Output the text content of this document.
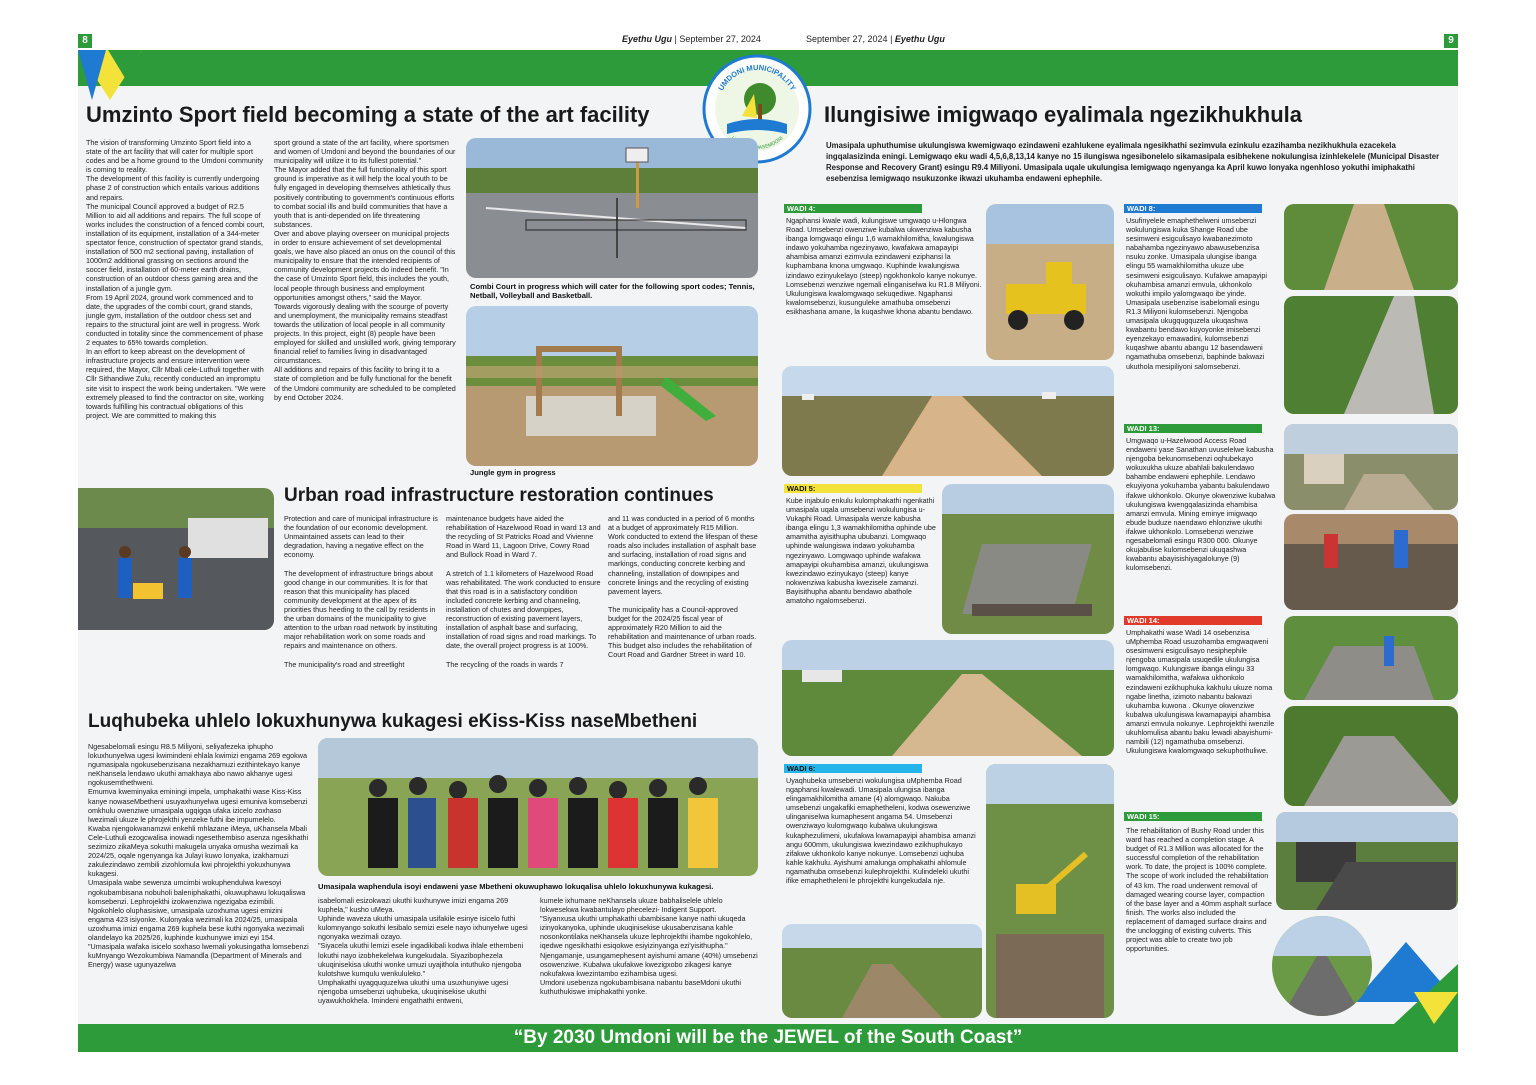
8	9
Eyethu Ugu | September 27, 2024	September 27, 2024 | Eyethu Ugu
UMDONI MUNICIPALITY
ASEMDONI
Umzinto Sport field becoming a state of the art facility

The vision of transforming Umzinto Sport field into a state of the art facility that will cater for multiple sport codes and be a home ground to the Umdoni community is coming to reality.

The development of this facility is currently undergoing phase 2 of construction which entails various additions and repairs.

The municipal Council approved a budget of R2.5 Million to aid all additions and repairs. The full scope of works includes the construction of a fenced combi court, installation of its equipment, installation of a 344-meter spectator fence, construction of spectator grand stands, installation of 500 m2 sectional paving, installation of 1000m2 additional grassing on sections around the soccer field, installation of 60-meter earth drains, construction of an outdoor chess gaming area and the installation of a jungle gym.

From 19 April 2024, ground work commenced and to date, the upgrades of the combi court, grand stands, jungle gym, installation of the outdoor chess set and repairs to the structural joint are well in progress. Work conducted in totality since the commencement of phase 2 equates to 65% towards completion.

In an effort to keep abreast on the development of infrastructure projects and ensure intervention were required, the Mayor, Cllr Mbali cele-Luthuli together with Cllr Sithandiwe Zulu, recently conducted an impromptu site visit to inspect the work being undertaken. "We were extremely pleased to find the contractor on site, working towards fulfilling his contractual obligations of this project. We are committed to making this

sport ground a state of the art facility, where sportsmen and women of Umdoni and beyond the boundaries of our municipality will utilize it to its fullest potential."

The Mayor added that the full functionality of this sport ground is imperative as it will help the local youth to be fully engaged in developing themselves athletically thus positively contributing to government's continuous efforts to combat social ills and build communities that have a youth that is anti-depended on life threatening substances.

Over and above playing overseer on municipal projects in order to ensure achievement of set developmental goals, we have also placed an onus on the council of this municipality to ensure that the intended recipients of community development projects do indeed benefit. "In the case of Umzinto Sport field, this includes the youth, local people through business and employment opportunities amongst others," said the Mayor.

Towards vigorously dealing with the scourge of poverty and unemployment, the municipality remains steadfast towards the utilization of local people in all community projects. In this project, eight (8) people have been employed for skilled and unskilled work, giving temporary financial relief to families living in disadvantaged circumstances.

All additions and repairs of this facility to bring it to a state of completion and be fully functional for the benefit of the Umdoni community are scheduled to be completed by end October 2024.

Combi Court in progress which will cater for the following sport codes; Tennis, Netball, Volleyball and Basketball.
Jungle gym in progress
Urban road infrastructure restoration continues

Protection and care of municipal infrastructure is the foundation of our economic development. Unmaintained assets can lead to their degradation, having a negative effect on the economy.

The development of infrastructure brings about good change in our communities. It is for that reason that this municipality has placed community development at the apex of its priorities thus heeding to the call by residents in the urban domains of the municipality to give attention to the urban road network by instituting major rehabilitation work on some roads and repairs and maintenance on others.

The municipality's road and streetlight

maintenance budgets have aided the rehabilitation of Hazelwood Road in ward 13 and the recycling of St Patricks Road and Vivienne Road in Ward 11, Lagoon Drive, Cowry Road and Bullock Road in Ward 7.

A stretch of 1.1 kilometers of Hazelwood Road was rehabilitated. The work conducted to ensure that this road is in a satisfactory condition included concrete kerbing and channeling, installation of chutes and downpipes, reconstruction of existing pavement layers, installation of asphalt base and surfacing, installation of road signs and road markings. To date, the overall project progress is at 100%.

The recycling of the roads in wards 7

and 11 was conducted in a period of 6 months at a budget of approximately R15 Million.

Work conducted to extend the lifespan of these roads also includes installation of asphalt base and surfacing, installation of road signs and markings, conducting concrete kerbing and channeling, installation of downpipes and concrete linings and the recycling of existing pavement layers.

The municipality has a Council-approved budget for the 2024/25 fiscal year of approximately R20 Million to aid the rehabilitation and maintenance of urban roads. This budget also includes the rehabilitation of Court Road and Gardner Street in ward 10.

Luqhubeka uhlelo lokuxhunywa kukagesi eKiss-Kiss naseMbetheni

Ngesabelomali esingu R8.5 Miliyoni, seliyafezeka iphupho lokuxhunyelwa ugesi kwimindeni ehlala kwimizi engama 269 egokwa ngumasipala ngokusebenzisana nezakhamuzi ezithintekayo kanye neKhansela lendawo ukuthi amakhaya abo nawo akhanye ugesi ngokusemthethweni.

Emumva kweminyaka eminingi impela, umphakathi wase Kiss-Kiss kanye nowaseMbetheni usuyaxhunyelwa ugesi emuniva komsebenzi omkhulu owenziwe umasipala ugqigqa ufaka izicelo zoxhaso lwezimali ukuze le phrojekthi yenzeke futhi ibe impumelelo.

Kwaba njengokwanamzwi enkehli mhlazane iMeya, uKhansela Mbali Cele-Luthuli ezogcwalisa inowadi ngesethembiso asenza ngesikhathi sezimizo zikaMeya sokuthi makugela unyaka omusha wezimali ka 2024/25, oqale ngenyanga ka Julayi kuwo lonyaka, izakhamuzi zakulezindawo zembili zizohlomula kwi phrojekthi yokuxhunywa kukagesi.

Umasipala wabe sewenza umcimbi wokuphendulwa kwesoyi ngokubambisana nobuholi baleniphakathi, okuwuphawu lokuqaliswa komsebenzi. Lephrojekthi izokwenziwa ngezigaba ezimbili. Ngokohlelo oluphasisiwe, umasipala uzoxhuma ugesi emizini engama 423 isiyonke. Kulonyaka wezimali ka 2024/25, umasipala uzoxhuma imizi engama 269 kuphela bese kuthi ngonyaka wezimali olandelayo ka 2025/26, kuphinde kuxhunywe imizi eyi 154.

"Umasipala wafaka isicelo soxhaso lwemali yokusingatha lomsebenzi kuMnyango Wezokumbiwa Namandla (Department of Minerals and Energy) wase ugunyazelwa

Umasipala waphendula isoyi endaweni yase Mbetheni okuwuphawo lokuqalisa uhlelo lokuxhunywa kukagesi.

isabelomali esizokwazi ukuthi kuxhunywe imizi engama 269 kuphela," kusho uMeya.

Uphinde waveza ukuthi umasipala usifakile esinye isicelo futhi kulomnyango sokuthi lesibalo semizi esele nayo ixhunyelwe ugesi ngonyaka wezimali ozayo.

"Siyacela ukuthi lemizi esele ingadikibali kodwa ihlale ethembeni lokuthi nayo izobhekelelwa kungekudala. Siyazibophezela ukuqinisekisa ukuthi wonke umuzi uyajithola intuthuko njengoba kulotshwe kumqulu wenkululeko."

Umphakathi uyagququzelwa ukuthi uma usuxhunyiwe ugesi njengoba umsebenzi uqhubeka, ukuqinisekise ukuthi uyawukhokhela. Imindeni engathathi entweni,

kumele ixhumane neKhansela ukuze babhaliselele uhlelo lokwesekwa kwabantulayo phecelezi- Indigent Support.

"Siyanxusa ukuthi umphakathi ubambisane kanye nathi ukuqeda izinyokanyoka, uphinde ukuqinisekise ukusabenzisana kahle nosonkontilaka neKhansela ukuze lephrojekthi ihambe ngokohlelo, iqedwe ngesikhathi esiqokwe esiyizinyanga ezi'yisithupha."

Njengamanje, usungamephesent ayishumi amane (40%) umsebenzi osowenziwe. Kubalwa ukufakwe kwezigxobo zikagesi kanye nokufakwa kwezintambo ezihambisa ugesi.

Umdoni usebenza ngokubambisana nabantu baseMdoni ukuthi kuthuthukiswe imiphakathi yonke.

Ilungisiwe imigwaqo eyalimala ngezikhukhula
Umasipala uphuthumise ukulungiswa kwemigwaqo ezindaweni ezahlukene eyalimala ngesikhathi sezimvula ezinkulu ezazihamba nezikhukhula ezacekela ingqalasizinda eningi. Lemigwaqo eku wadi 4,5,6,8,13,14 kanye no 15 ilungiswa ngesibonelelo sikamasipala esibhekene nokulungisa izinhlekelele (Municipal Disaster Response and Recovery Grant) esingu R9.4 Miliyoni. Umasipala uqale ukulungisa lemigwaqo ngenyanga ka April kuwo lonyaka ngenhloso yokuthi imiphakathi esebenzisa lemigwaqo nsukuzonke ikwazi ukuhamba endaweni ephephile.
WADI 4:
Ngaphansi kwale wadi, kulungiswe umgwaqo u-Hlongwa Road. Umsebenzi owenziwe kubalwa ukwenziwa kabusha ibanga lomgwaqo elingu 1,6 wamakhilomitha, kwalungiswa indawo yokuhamba ngezinyawo, kwafakwa amapayipi ahambisa amanzi ezimvula ezindaweni eziphansi la kuphambana knona umgwaqo. Kuphinde kwalungiswa izindawo ezinyukelayo (steep) ngokhonkolo kanye nokunye. Lomsebenzi wenziwe ngemali elinganiselwa ku R1.8 Miliyoni. Ukulungiswa kwalomgwaqo sekuqediwe. Ngaphansi kwalomsebenzi, kusungulekе amathuba omsebenzi esikhashana amane, la kuqashwe khona abantu bendawo.
WADI 5:
Kube injabulo enkulu kulomphakathi ngenkathi umasipala uqala umsebenzi wokulungisa u-Vukaphi Road. Umasipala wenze kabusha ibanga elingu 1,3 wamakhilomitha ophinde ube amamitha ayisithupha ububanzi. Lomgwaqo uphinde walungiswa indawo yokuhamba ngezinyawo. Lomgwaqo uphinde wafakwa amapayipi okuhambisa amanzi, ukulungiswa kwezindawo ezinyukayo (steep) kanye nokwenziwa kabusha kwezisele zamanzi. Bayisithupha abantu bendawo abathole amatoho ngalomsebenzi.
WADI 6:
Uyaqhubeka umsebenzi wokulungisa uMphemba Road ngaphansi kwalewadi. Umasipala ulungisa ibanga elingamakhilomitha amane (4) alomgwaqo. Nakuba umsebenzi ungakafiki emaphetheleni, kodwa osewenziwe ulinganiselwa kumaphesent angama 54. Umsebenzi owenziwayo kulomgwaqo kubalwa ukulungiswa kukaphezulimeni, ukufakwa kwamapayipi ahambisa amanzi angu 600mm, ukulungiswa kwezindawo ezikhuphukayo zifakwe ukhonkolo kanye nokunye. Lomsebenzi uqhuba kahle kakhulu. Ayishumi amalunga omphakathi ahlomule ngamathuba omsebenzi kulephrojekthi. Kulindeleki ukuthi ifike emaphetheleni le phrojekthi kungekudala nje.
WADI 8:
Usufinyelele emaphethelweni umsebenzi wokulungiswa kuka Shange Road ube sesimweni esigculisayo kwabanezimoto nabahamba ngezinyawo abawusebenzisa nsuku zonke. Umasipala ulungise ibanga elingu 55 wamakhilomitha ukuze ube sesimweni esigculisayo. Kufakwe amapayipi okuhambisa amanzi emvula, ukhonkolo wokuthi impilo yalomgwaqo ibe yinde. Umasipala usebenzise isabelomali esingu R1.3 Miliyoni kulomsebenzi. Njengoba umasipala ukugqugquzela ukuqashwa kwabantu bendawo kuyoyonke imisebenzi eyenzekayo emawadini, kulomsebenzi kuqashwe abantu abangu 12 basendaweni ngamathuba omsebenzi, baphinde bakwazi ukuthola mesipiliyoni salomsebenzi.
WADI 13:
Umgwaqo u-Hazelwood Access Road endaweni yase Sanathan uvuselelwe kabusha njengoba bekunomsebenzi oqhubekayo wokuxukha ukuze abahlali bakulendawo bahambe endaweni ephephile. Lendawo ekuyiyona yokuhamba yabantu bakulendawo ifakwe ukhonkolo. Okunye okwenziwe kubalwa ukulungiswa kwengqalasizinda ehambisa amanzi emvula. Mining eminye imigwaqo ebude buduze naendawo ehlonziwe ukuthi ifakwe ukhonkolo. Lomsebenzi wenziwe ngesabelomali esingu R300 000. Okunye okujabulise kulomsebenzi ukuqashwa kwabantu abayisishiyagalolunye (9) kulomsebenzi.
WADI 14:
Umphakathi wase Wadi 14 osebenzisa uMphemba Road usuzohamba emgwaqweni osesimweni esigculisayo nesiphephile njengoba umasipala usuqedile ukulungisa lomgwaqo. Kulungiswe ibanga elingu 33 wamakhilomitha, wafakwa ukhonkolo ezindaweni ezikhuphuka kakhulu ukuze noma ngabe linetha, izimoto nabantu bakwazi ukuhamba kuwona . Okunye okwenziwe kubalwa ukulungiswa kwamapayipi ahambisa amanzi emvula nokunye. Lephrojekthi iwenzile ukuhlomulisa abantu baku lewadi abayishumi-nambili (12) ngamathuba omsebenzi. Ukulungiswa kwalomgwaqo sekuphothuliwe.
WADI 15:
The rehabilitation of Bushy Road under this ward has reached a completion stage. A budget of R1.3 Million was allocated for the successful completion of the rehabilitation work. To date, the project is 100% complete. The scope of work included the rehabilitation of 43 km. The road underwent removal of damaged wearing course layer, compaction of the base layer and a 40mm asphalt surface finish. The works also included the replacement of damaged surface drains and the unclogging of existing culverts. This project was able to create two job opportunities.
“By 2030 Umdoni will be the JEWEL of the South Coast”
